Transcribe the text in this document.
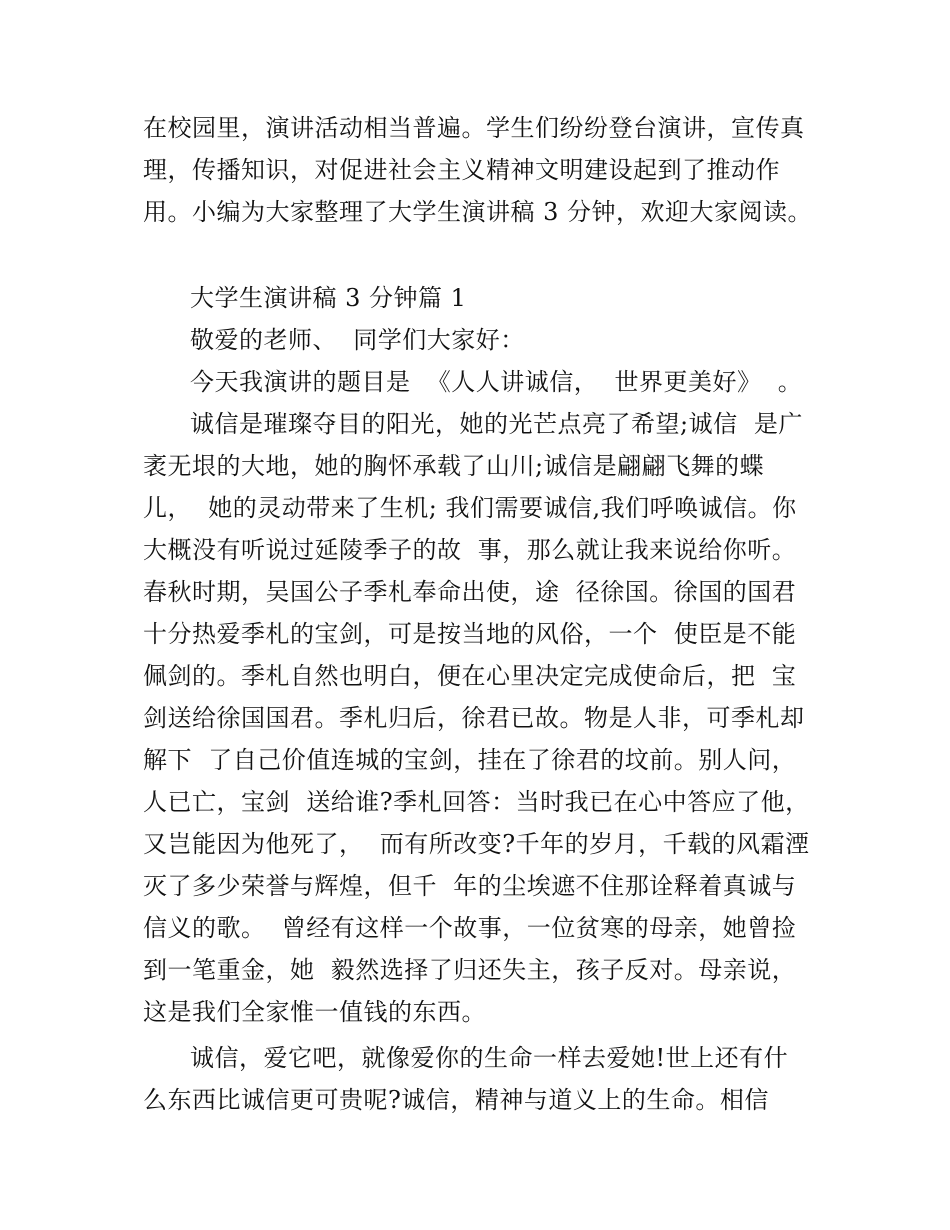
在校园里，演讲活动相当普遍。学生们纷纷登台演讲，宣传真
理，传播知识，对促进社会主义精神文明建设起到了推动作
用。小编为大家整理了大学生演讲稿 3 分钟，欢迎大家阅读。
大学生演讲稿 3 分钟篇 1
敬爱的老师、  同学们大家好：
今天我演讲的题目是  《人人讲诚信，  世界更美好》  。
诚信是璀璨夺目的阳光，她的光芒点亮了希望;诚信  是广
袤无垠的大地，她的胸怀承载了山川;诚信是翩翩飞舞的蝶
儿，  她的灵动带来了生机; 我们需要诚信,我们呼唤诚信。你
大概没有听说过延陵季子的故  事，那么就让我来说给你听。
春秋时期，吴国公子季札奉命出使，途  径徐国。徐国的国君
十分热爱季札的宝剑，可是按当地的风俗，一个  使臣是不能
佩剑的。季札自然也明白，便在心里决定完成使命后，把  宝
剑送给徐国国君。季札归后，徐君已故。物是人非，可季札却
解下  了自己价值连城的宝剑，挂在了徐君的坟前。别人问，
人已亡，宝剑  送给谁?季札回答：当时我已在心中答应了他，
又岂能因为他死了，  而有所改变?千年的岁月，千载的风霜湮
灭了多少荣誉与辉煌，但千  年的尘埃遮不住那诠释着真诚与
信义的歌。  曾经有这样一个故事，一位贫寒的母亲，她曾捡
到一笔重金，她  毅然选择了归还失主，孩子反对。母亲说，
这是我们全家惟一值钱的东西。
诚信，爱它吧，就像爱你的生命一样去爱她!世上还有什
么东西比诚信更可贵呢?诚信，精神与道义上的生命。相信
